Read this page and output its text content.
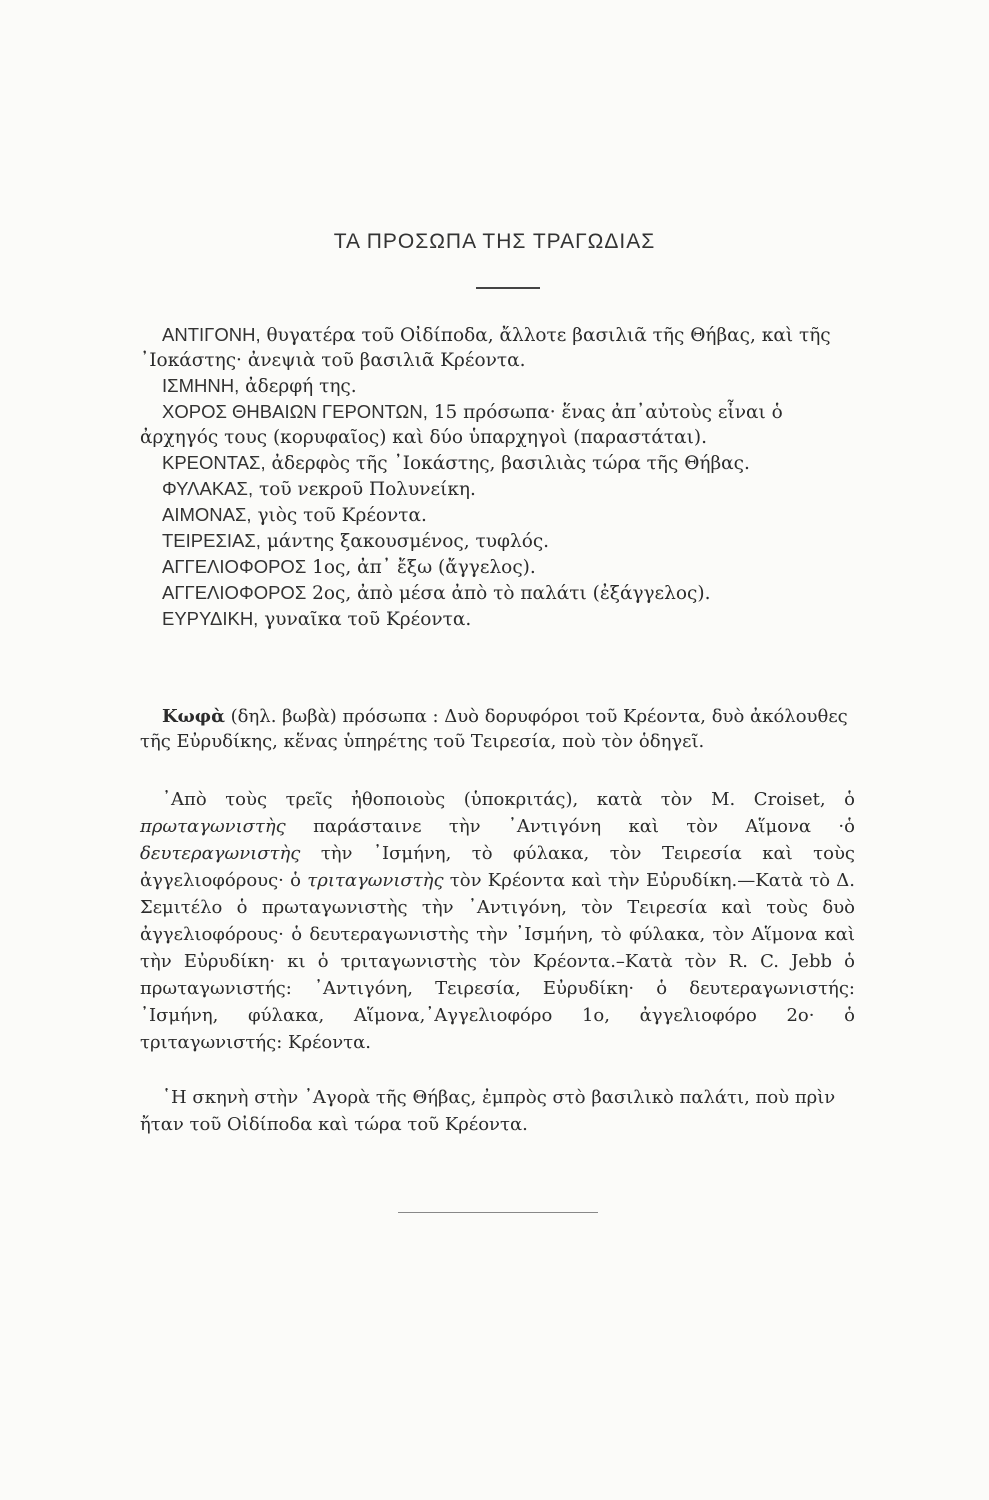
ΤΑ ΠΡΟΣΩΠΑ ΤΗΣ ΤΡΑΓΩΔΙΑΣ

ΑΝΤΙΓΟΝΗ, θυγατέρα τοῦ Οἰδίποδα, ἄλλοτε βασιλιᾶ τῆς Θήβας, καὶ τῆς ᾿Ιοκάστης· ἀνεψιὰ τοῦ βασιλιᾶ Κρέοντα.

ΙΣΜΗΝΗ, ἀδερφή της.

ΧΟΡΟΣ ΘΗΒΑΙΩΝ ΓΕΡΟΝΤΩΝ, 15 πρόσωπα· ἕνας ἀπ᾿αὐτοὺς εἶναι ὁ ἀρχηγός τους (κορυφαῖος) καὶ δύο ὑπαρχηγοὶ (παραστάται).

ΚΡΕΟΝΤΑΣ, ἀδερφὸς τῆς ᾿Ιοκάστης, βασιλιὰς τώρα τῆς Θήβας.

ΦΥΛΑΚΑΣ, τοῦ νεκροῦ Πολυνείκη.

ΑΙΜΟΝΑΣ, γιὸς τοῦ Κρέοντα.

ΤΕΙΡΕΣΙΑΣ, μάντης ξακουσμένος, τυφλός.

ΑΓΓΕΛΙΟΦΟΡΟΣ 1ος, ἀπ᾿ ἔξω (ἄγγελος).

ΑΓΓΕΛΙΟΦΟΡΟΣ 2ος, ἀπὸ μέσα ἀπὸ τὸ παλάτι (ἐξάγγελος).

ΕΥΡΥΔΙΚΗ, γυναῖκα τοῦ Κρέοντα.

Κωφὰ (δηλ. βωβὰ) πρόσωπα : Δυὸ δορυφόροι τοῦ Κρέοντα, δυὸ ἀκόλουθες τῆς Εὐρυδίκης, κἕνας ὑπηρέτης τοῦ Τειρεσία, ποὺ τὸν ὁδηγεῖ.

᾿Απὸ τοὺς τρεῖς ἠθοποιοὺς (ὑποκριτάς), κατὰ τὸν Μ. Croiset, ὁ πρωταγωνιστὴς παράσταινε τὴν ᾿Αντιγόνη καὶ τὸν Αἵμονα ·ὁ δευτεραγωνιστὴς τὴν ᾿Ισμήνη, τὸ φύλακα, τὸν Τειρεσία καὶ τοὺς ἀγγελιοφόρους· ὁ τριταγωνιστὴς τὸν Κρέοντα καὶ τὴν Εὐρυδίκη.—Κατὰ τὸ Δ. Σεμιτέλο ὁ πρωταγωνιστὴς τὴν ᾿Αντιγόνη, τὸν Τειρεσία καὶ τοὺς δυὸ ἀγγελιοφόρους· ὁ δευτεραγωνιστὴς τὴν ᾿Ισμήνη, τὸ φύλακα, τὸν Αἵμονα καὶ τὴν Εὐρυδίκη· κι ὁ τριταγωνιστὴς τὸν Κρέοντα.–Κατὰ τὸν R. C. Jebb ὁ πρωταγωνιστής: ᾿Αντιγόνη, Τειρεσία, Εὐρυδίκη· ὁ δευτεραγωνιστής: ᾿Ισμήνη, φύλακα, Αἵμονα,᾿Αγγελιοφόρο 1ο, ἀγγελιοφόρο 2ο· ὁ τριταγωνιστής: Κρέοντα.

῾Η σκηνὴ στὴν ᾿Αγορὰ τῆς Θήβας, ἐμπρὸς στὸ βασιλικὸ παλάτι, ποὺ πρὶν ἤταν τοῦ Οἰδίποδα καὶ τώρα τοῦ Κρέοντα.
